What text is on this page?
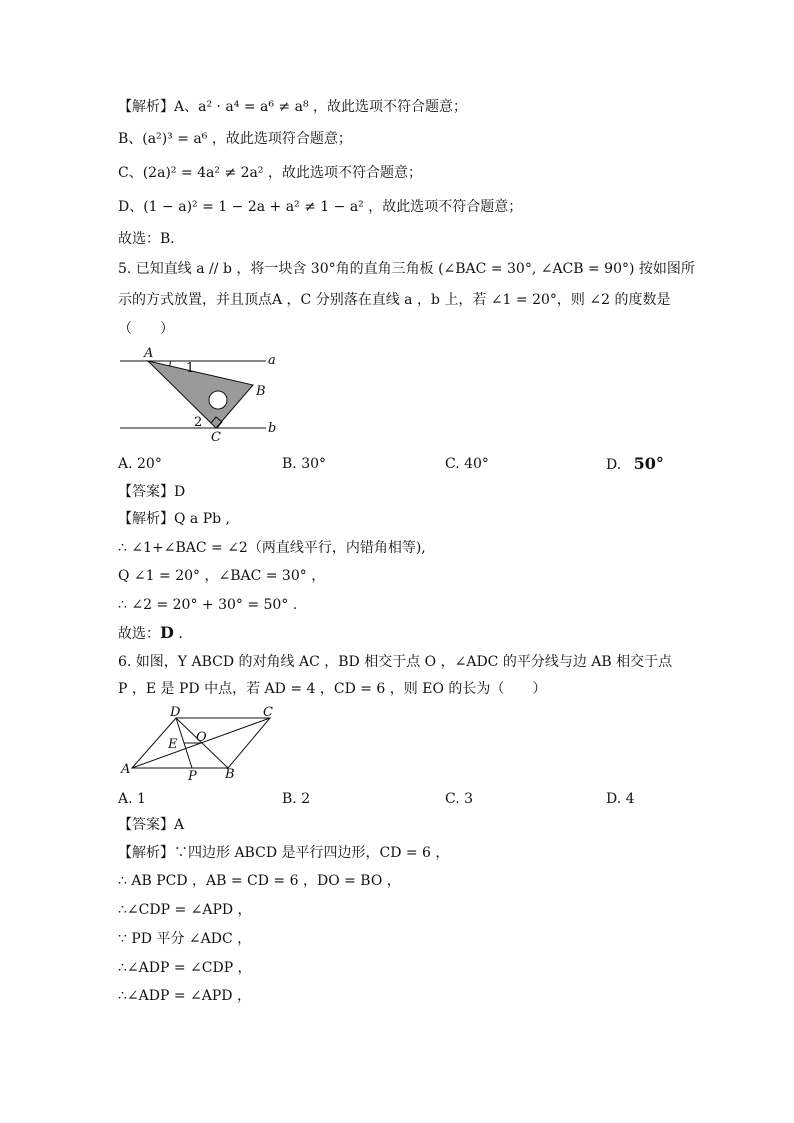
【解析】A、a² · a⁴ = a⁶ ≠ a⁸ ，故此选项不符合题意；
B、(a²)³ = a⁶ ，故此选项符合题意；
C、(2a)² = 4a² ≠ 2a² ，故此选项不符合题意；
D、(1 − a)² = 1 − 2a + a² ≠ 1 − a² ，故此选项不符合题意；
故选：B．
5. 已知直线 a // b ，将一块含 30°角的直角三角板 (∠BAC = 30°, ∠ACB = 90°) 按如图所
示的方式放置，并且顶点A ，C 分别落在直线 a ，b 上，若 ∠1 = 20°，则 ∠2 的度数是
（　　）
A
1
a
B
2
C
b
A. 20°	B. 30°	C. 40°	D. 50°
【答案】D
【解析】Q a Pb ,
∴ ∠1+∠BAC = ∠2（两直线平行，内错角相等),
Q ∠1 = 20° ，∠BAC = 30° ，
∴ ∠2 = 20° + 30° = 50° .
故选：D .
6. 如图，Y ABCD 的对角线 AC ，BD 相交于点 O ，∠ADC 的平分线与边 AB 相交于点
P ，E 是 PD 中点，若 AD = 4 ，CD = 6 ，则 EO 的长为（　　）
D	C
E O
A	P B
A. 1	B. 2	C. 3	D. 4
【答案】A
【解析】∵四边形 ABCD 是平行四边形，CD = 6 ，
∴ AB PCD ，AB = CD = 6 ，DO = BO ，
∴∠CDP = ∠APD ，
∵ PD 平分 ∠ADC ，
∴∠ADP = ∠CDP ，
∴∠ADP = ∠APD ，
